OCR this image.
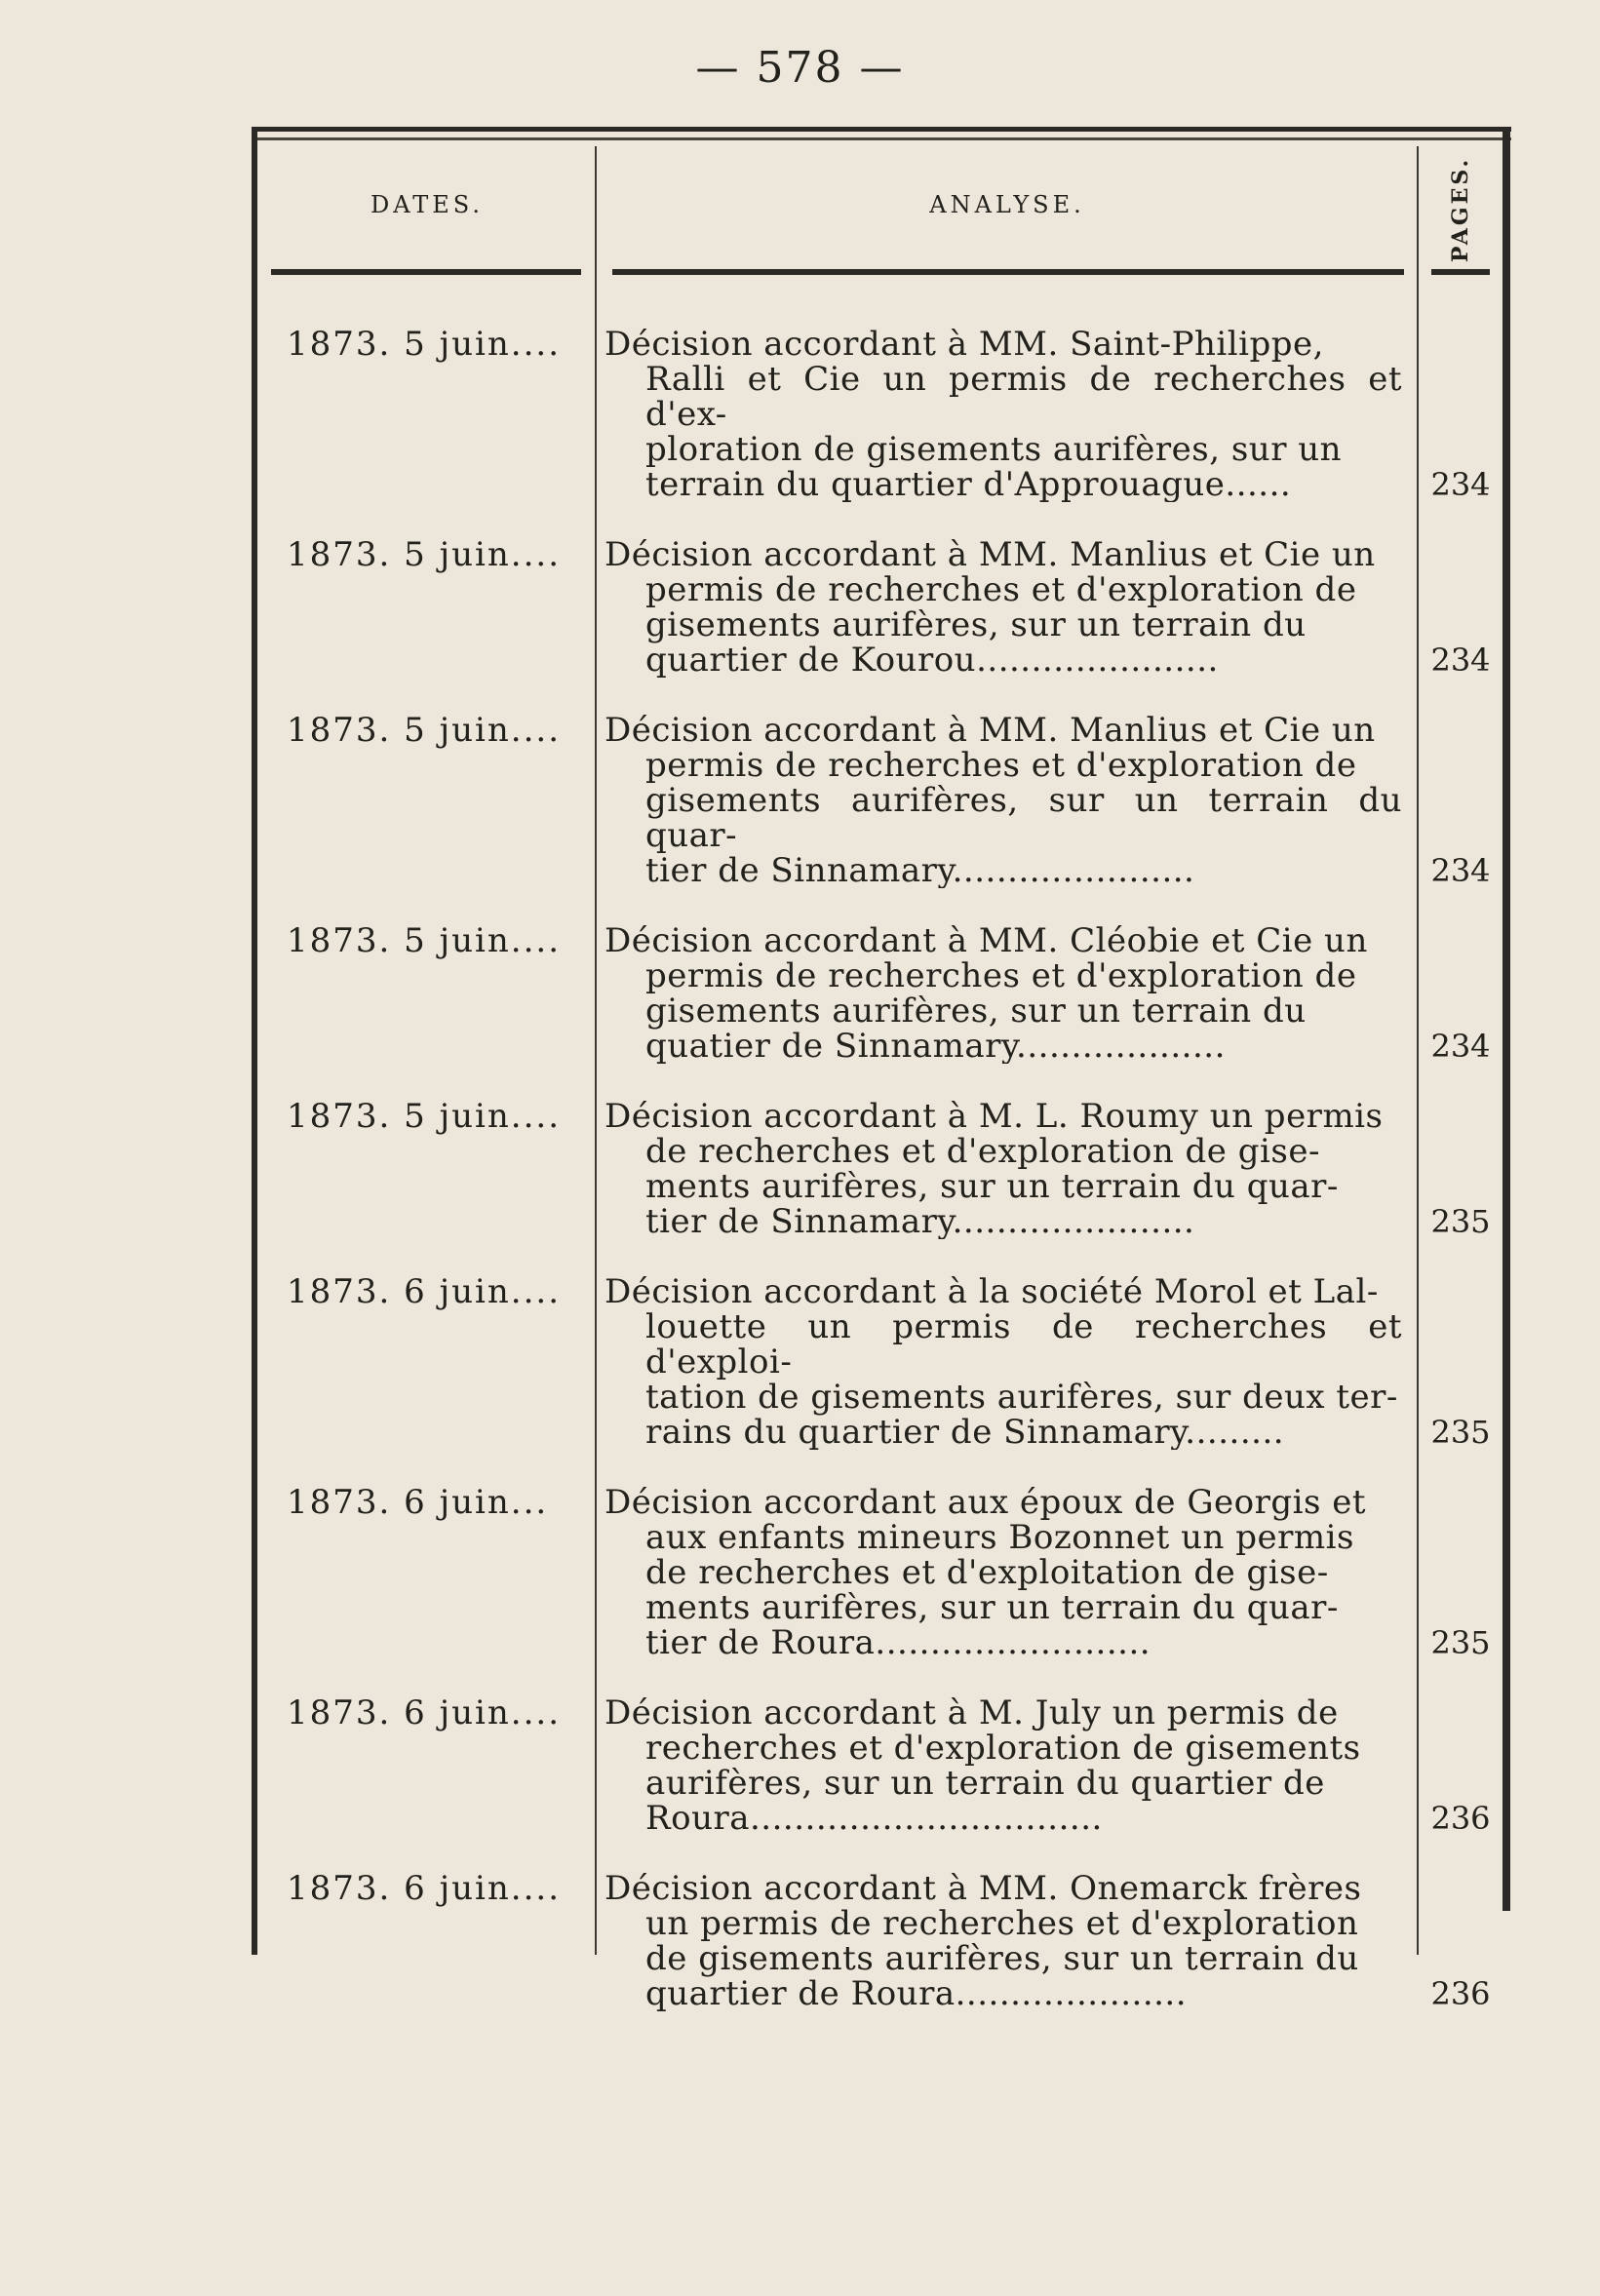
— 578 —
DATES.	ANALYSE.	PAGES.
1873. 5 juin....	Décision accordant à MM. Saint-Philippe,
Ralli et Cie un permis de recherches et d'ex-
ploration de gisements aurifères, sur un
terrain du quartier d'Approuague......	234
1873. 5 juin....	Décision accordant à MM. Manlius et Cie un
permis de recherches et d'exploration de
gisements aurifères, sur un terrain du
quartier de Kourou......................	234
1873. 5 juin....	Décision accordant à MM. Manlius et Cie un
permis de recherches et d'exploration de
gisements aurifères, sur un terrain du quar-
tier de Sinnamary......................	234
1873. 5 juin....	Décision accordant à MM. Cléobie et Cie un
permis de recherches et d'exploration de
gisements aurifères, sur un terrain du
quatier de Sinnamary...................	234
1873. 5 juin....	Décision accordant à M. L. Roumy un permis
de recherches et d'exploration de gise-
ments aurifères, sur un terrain du quar-
tier de Sinnamary......................	235
1873. 6 juin....	Décision accordant à la société Morol et Lal-
louette un permis de recherches et d'exploi-
tation de gisements aurifères, sur deux ter-
rains du quartier de Sinnamary.........	235
1873. 6 juin...	Décision accordant aux époux de Georgis et
aux enfants mineurs Bozonnet un permis
de recherches et d'exploitation de gise-
ments aurifères, sur un terrain du quar-
tier de Roura.........................	235
1873. 6 juin....	Décision accordant à M. July un permis de
recherches et d'exploration de gisements
aurifères, sur un terrain du quartier de
Roura................................	236
1873. 6 juin....	Décision accordant à MM. Onemarck frères
un permis de recherches et d'exploration
de gisements aurifères, sur un terrain du
quartier de Roura.....................	236
